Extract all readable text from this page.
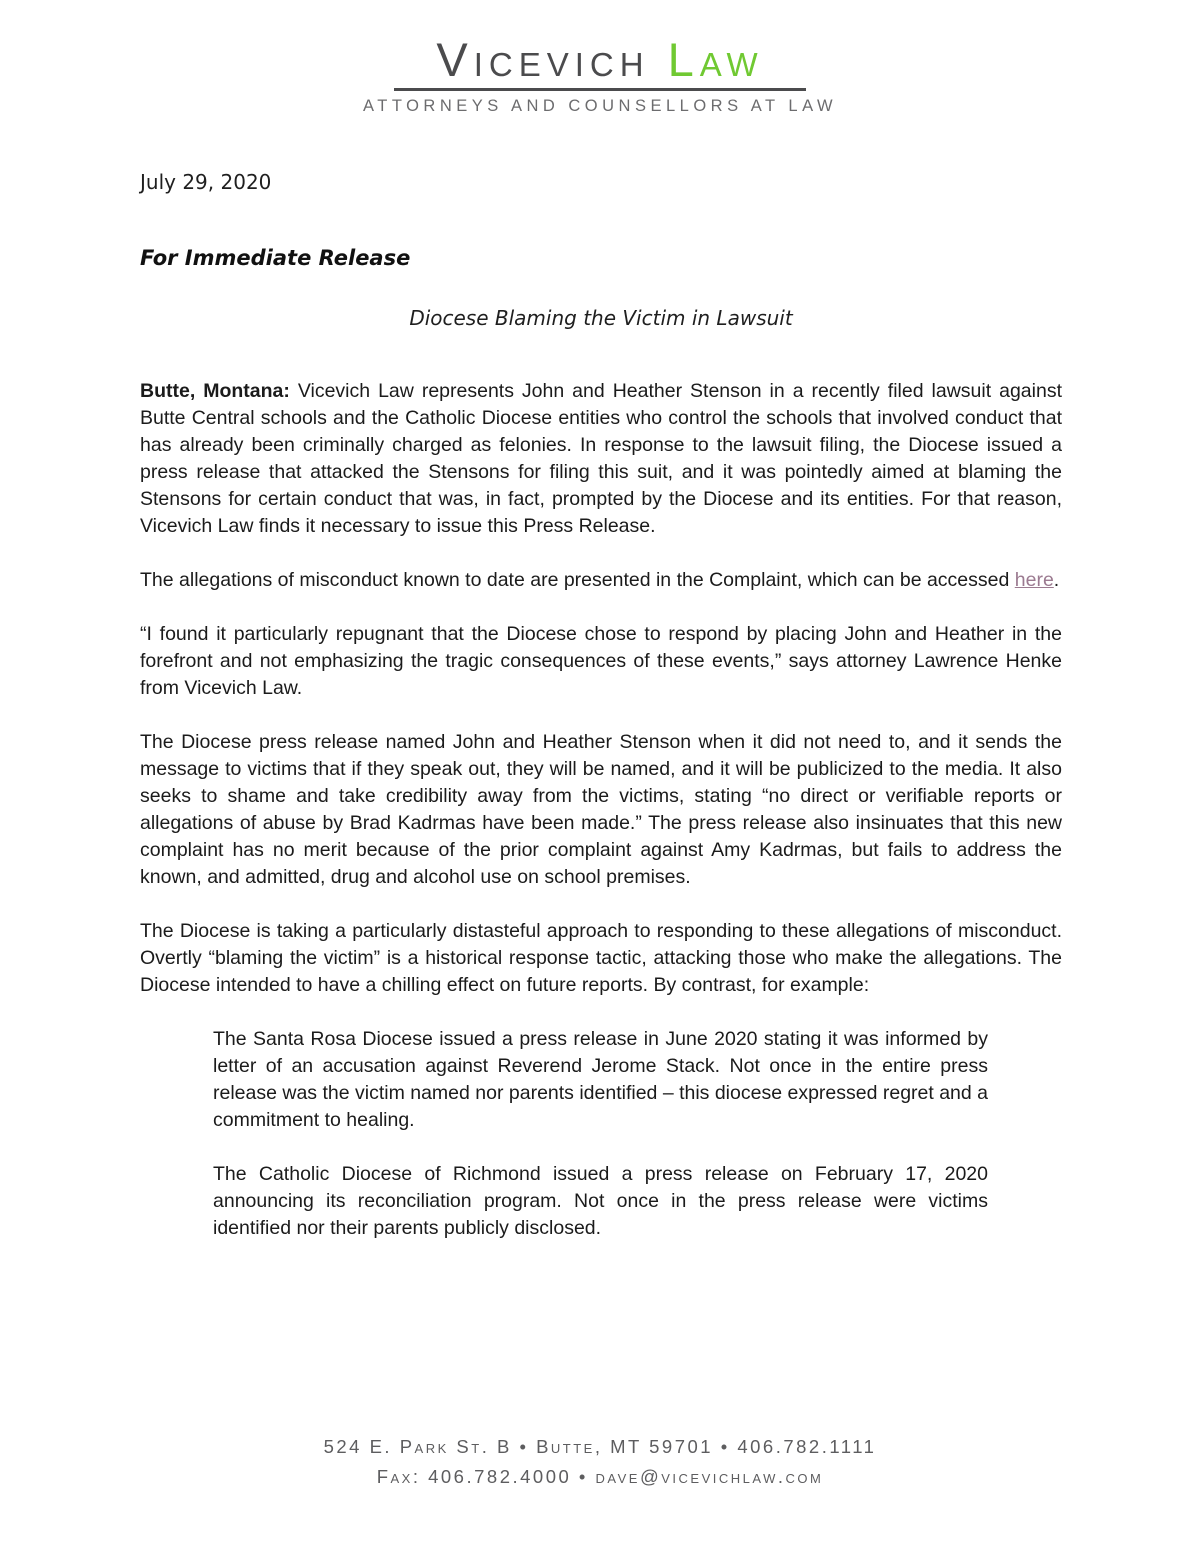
Vicevich Law
ATTORNEYS AND COUNSELLORS AT LAW
July 29, 2020
For Immediate Release
Diocese Blaming the Victim in Lawsuit

Butte, Montana: Vicevich Law represents John and Heather Stenson in a recently filed lawsuit against Butte Central schools and the Catholic Diocese entities who control the schools that involved conduct that has already been criminally charged as felonies. In response to the lawsuit filing, the Diocese issued a press release that attacked the Stensons for filing this suit, and it was pointedly aimed at blaming the Stensons for certain conduct that was, in fact, prompted by the Diocese and its entities. For that reason, Vicevich Law finds it necessary to issue this Press Release.

The allegations of misconduct known to date are presented in the Complaint, which can be accessed here.

“I found it particularly repugnant that the Diocese chose to respond by placing John and Heather in the forefront and not emphasizing the tragic consequences of these events,” says attorney Lawrence Henke from Vicevich Law.

The Diocese press release named John and Heather Stenson when it did not need to, and it sends the message to victims that if they speak out, they will be named, and it will be publicized to the media. It also seeks to shame and take credibility away from the victims, stating “no direct or verifiable reports or allegations of abuse by Brad Kadrmas have been made.” The press release also insinuates that this new complaint has no merit because of the prior complaint against Amy Kadrmas, but fails to address the known, and admitted, drug and alcohol use on school premises.

The Diocese is taking a particularly distasteful approach to responding to these allegations of misconduct. Overtly “blaming the victim” is a historical response tactic, attacking those who make the allegations. The Diocese intended to have a chilling effect on future reports. By contrast, for example:

The Santa Rosa Diocese issued a press release in June 2020 stating it was informed by letter of an accusation against Reverend Jerome Stack. Not once in the entire press release was the victim named nor parents identified – this diocese expressed regret and a commitment to healing.

The Catholic Diocese of Richmond issued a press release on February 17, 2020 announcing its reconciliation program. Not once in the press release were victims identified nor their parents publicly disclosed.

524 E. Park St. B • Butte, MT 59701 • 406.782.1111
Fax: 406.782.4000 • dave@vicevichlaw.com
